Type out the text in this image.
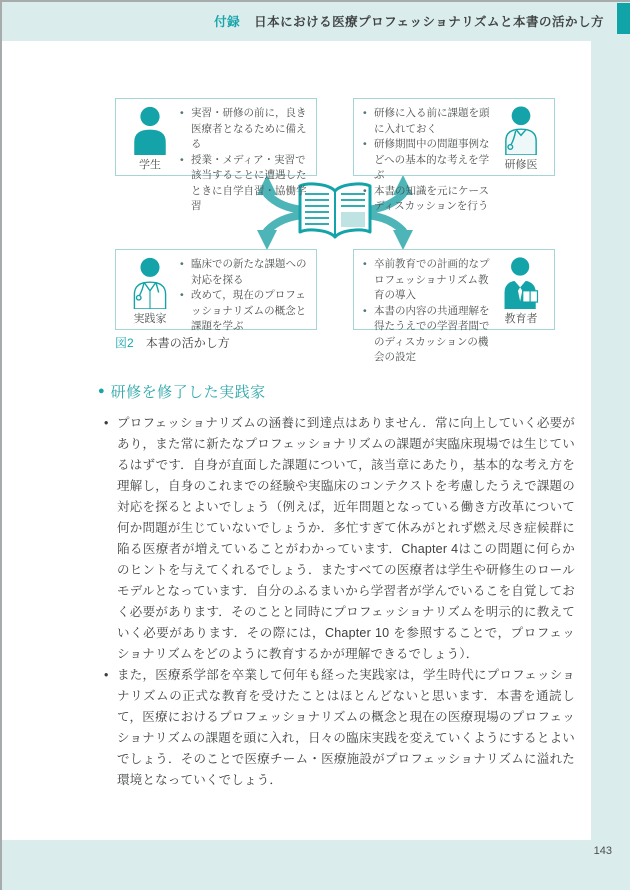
付録 日本における医療プロフェッショナリズムと本書の活かし方
学生
• 実習・研修の前に，良き医療者となるために備える
• 授業・メディア・実習で該当することに遭遇したときに自学自習・協働学習
研修医
• 研修に入る前に課題を頭に入れておく
• 研修期間中の問題事例などへの基本的な考えを学ぶ
• 本書の知識を元にケースディスカッションを行う
実践家
• 臨床での新たな課題への対応を探る
• 改めて，現在のプロフェッショナリズムの概念と課題を学ぶ
教育者
• 卒前教育での計画的なプロフェッショナリズム教育の導入
• 本書の内容の共通理解を得たうえでの学習者間でのディスカッションの機会の設定
図2 本書の活かし方
● 研修を修了した実践家

• プロフェッショナリズムの涵養に到達点はありません．常に向上していく必要があり，また常に新たなプロフェッショナリズムの課題が実臨床現場では生じているはずです．自身が直面した課題について，該当章にあたり，基本的な考え方を理解し，自身のこれまでの経験や実臨床のコンテクストを考慮したうえで課題の対応を探るとよいでしょう（例えば，近年問題となっている働き方改革について何か問題が生じていないでしょうか．多忙すぎて休みがとれず燃え尽き症候群に陥る医療者が増えていることがわかっています．Chapter 4はこの問題に何らかのヒントを与えてくれるでしょう．またすべての医療者は学生や研修生のロールモデルとなっています．自分のふるまいから学習者が学んでいるこを自覚しておく必要があります．そのことと同時にプロフェッショナリズムを明示的に教えていく必要があります．その際には，Chapter 10 を参照することで，プロフェッショナリズムをどのように教育するかが理解できるでしょう）．

• また，医療系学部を卒業して何年も経った実践家は，学生時代にプロフェッショナリズムの正式な教育を受けたことはほとんどないと思います．本書を通読して，医療におけるプロフェッショナリズムの概念と現在の医療現場のプロフェッショナリズムの課題を頭に入れ，日々の臨床実践を変えていくようにするとよいでしょう．そのことで医療チーム・医療施設がプロフェッショナリズムに溢れた環境となっていくでしょう．

143
